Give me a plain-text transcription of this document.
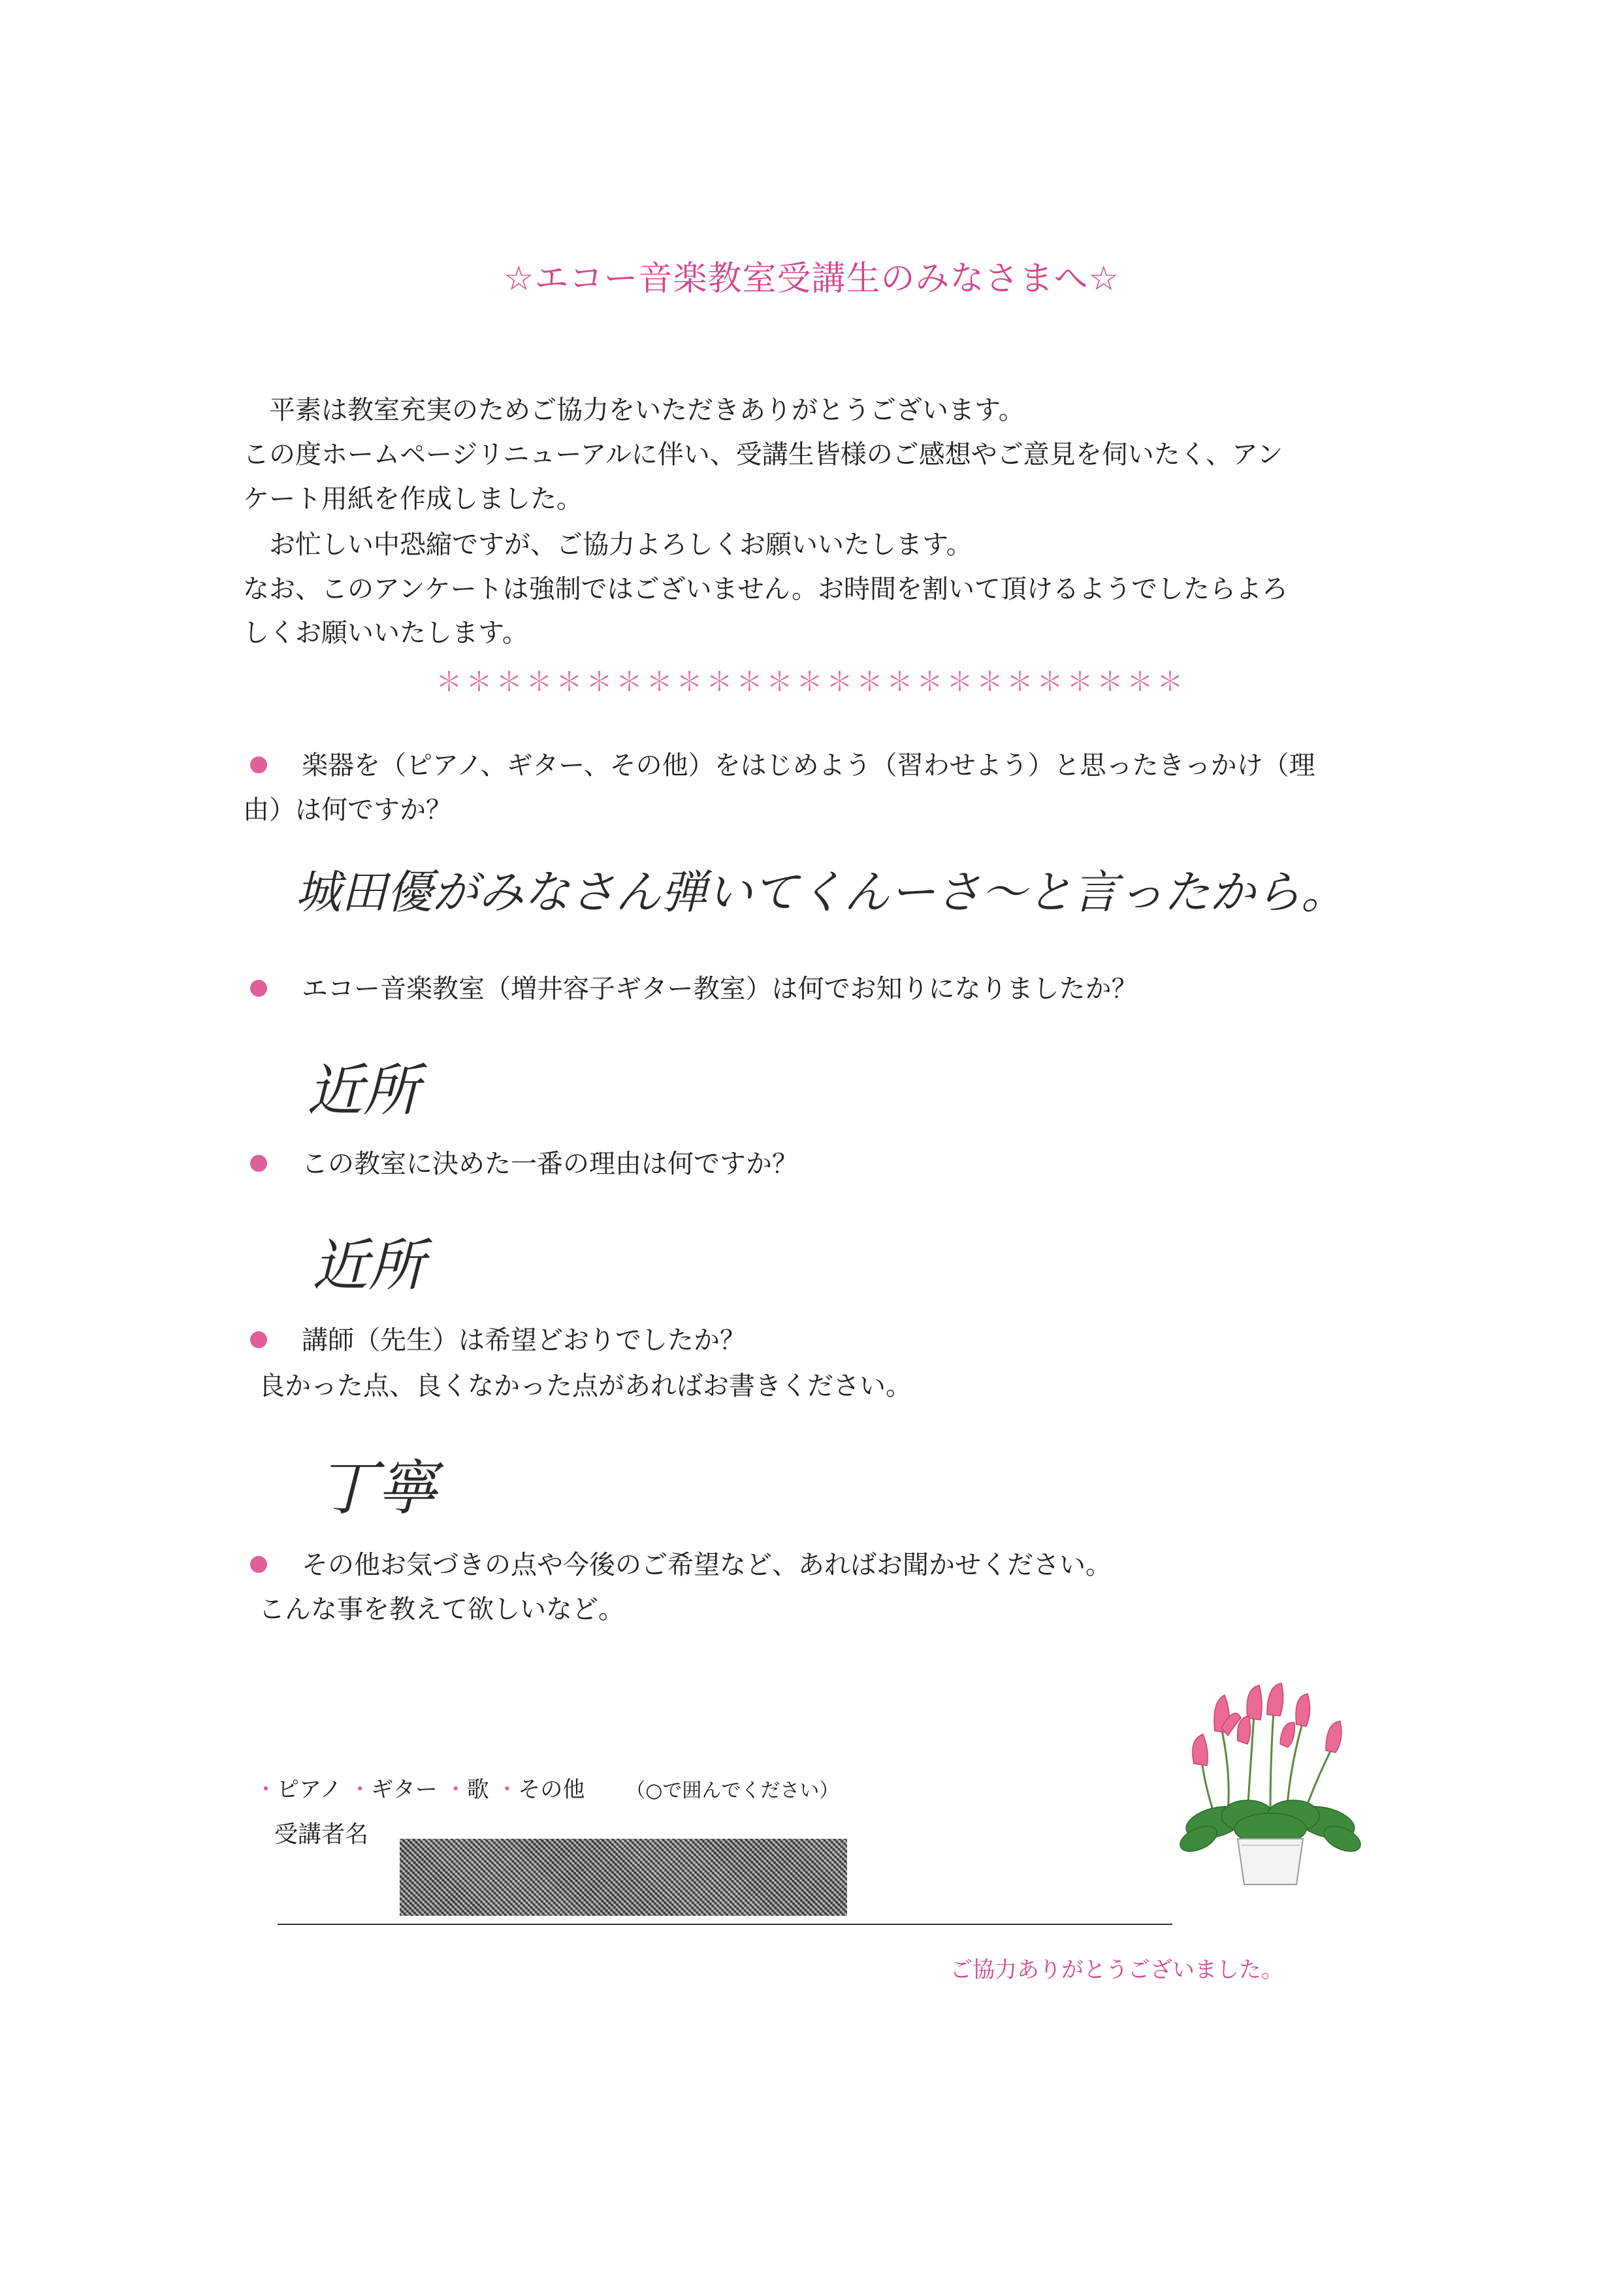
☆エコー音楽教室受講生のみなさまへ☆
　平素は教室充実のためご協力をいただきありがとうございます。
この度ホームページリニューアルに伴い、受講生皆様のご感想やご意見を伺いたく、アン
ケート用紙を作成しました。
　お忙しい中恐縮ですが、ご協力よろしくお願いいたします。
なお、このアンケートは強制ではございません。お時間を割いて頂けるようでしたらよろ
しくお願いいたします。
＊＊＊＊＊＊＊＊＊＊＊＊＊＊＊＊＊＊＊＊＊＊＊＊＊
楽器を（ピアノ、ギター、その他）をはじめよう（習わせよう）と思ったきっかけ（理
由）は何ですか？
城田優がみなさん弾いてくんーさ〜と言ったから。
エコー音楽教室（増井容子ギター教室）は何でお知りになりましたか？
近所
この教室に決めた一番の理由は何ですか？
近所
講師（先生）は希望どおりでしたか？
良かった点、良くなかった点があればお書きください。
丁寧
その他お気づきの点や今後のご希望など、あればお聞かせください。
こんな事を教えて欲しいなど。
・ピアノ ・ギター ・歌 ・その他 （○で囲んでください）
受講者名
ご協力ありがとうございました。
